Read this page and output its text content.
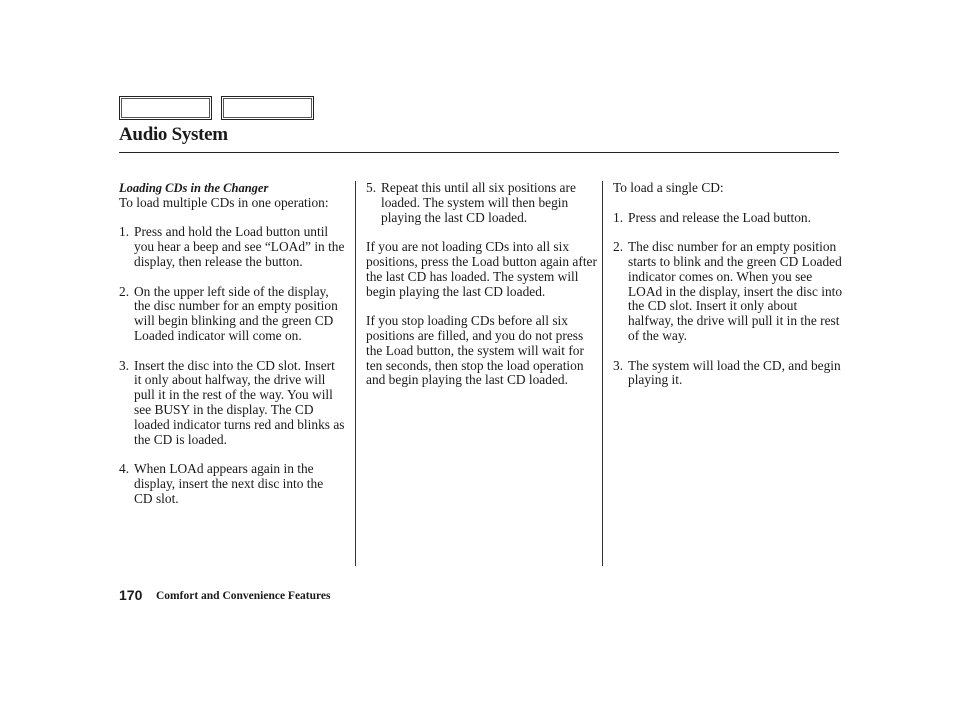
Audio System

Loading CDs in the Changer

To load multiple CDs in one operation:

1. Press and hold the Load button until you hear a beep and see “LOAd” in the display, then release the button.
2. On the upper left side of the display, the disc number for an empty position will begin blinking and the green CD Loaded indicator will come on.
3. Insert the disc into the CD slot. Insert it only about halfway, the drive will pull it in the rest of the way. You will see BUSY in the display. The CD loaded indicator turns red and blinks as the CD is loaded.
4. When LOAd appears again in the display, insert the next disc into the CD slot.
5. Repeat this until all six positions are loaded. The system will then begin playing the last CD loaded.

If you are not loading CDs into all six positions, press the Load button again after the last CD has loaded. The system will begin playing the last CD loaded.

If you stop loading CDs before all six positions are filled, and you do not press the Load button, the system will wait for ten seconds, then stop the load operation and begin playing the last CD loaded.

To load a single CD:

1. Press and release the Load button.
2. The disc number for an empty position starts to blink and the green CD Loaded indicator comes on. When you see LOAd in the display, insert the disc into the CD slot. Insert it only about halfway, the drive will pull it in the rest of the way.
3. The system will load the CD, and begin playing it.
170 Comfort and Convenience Features
